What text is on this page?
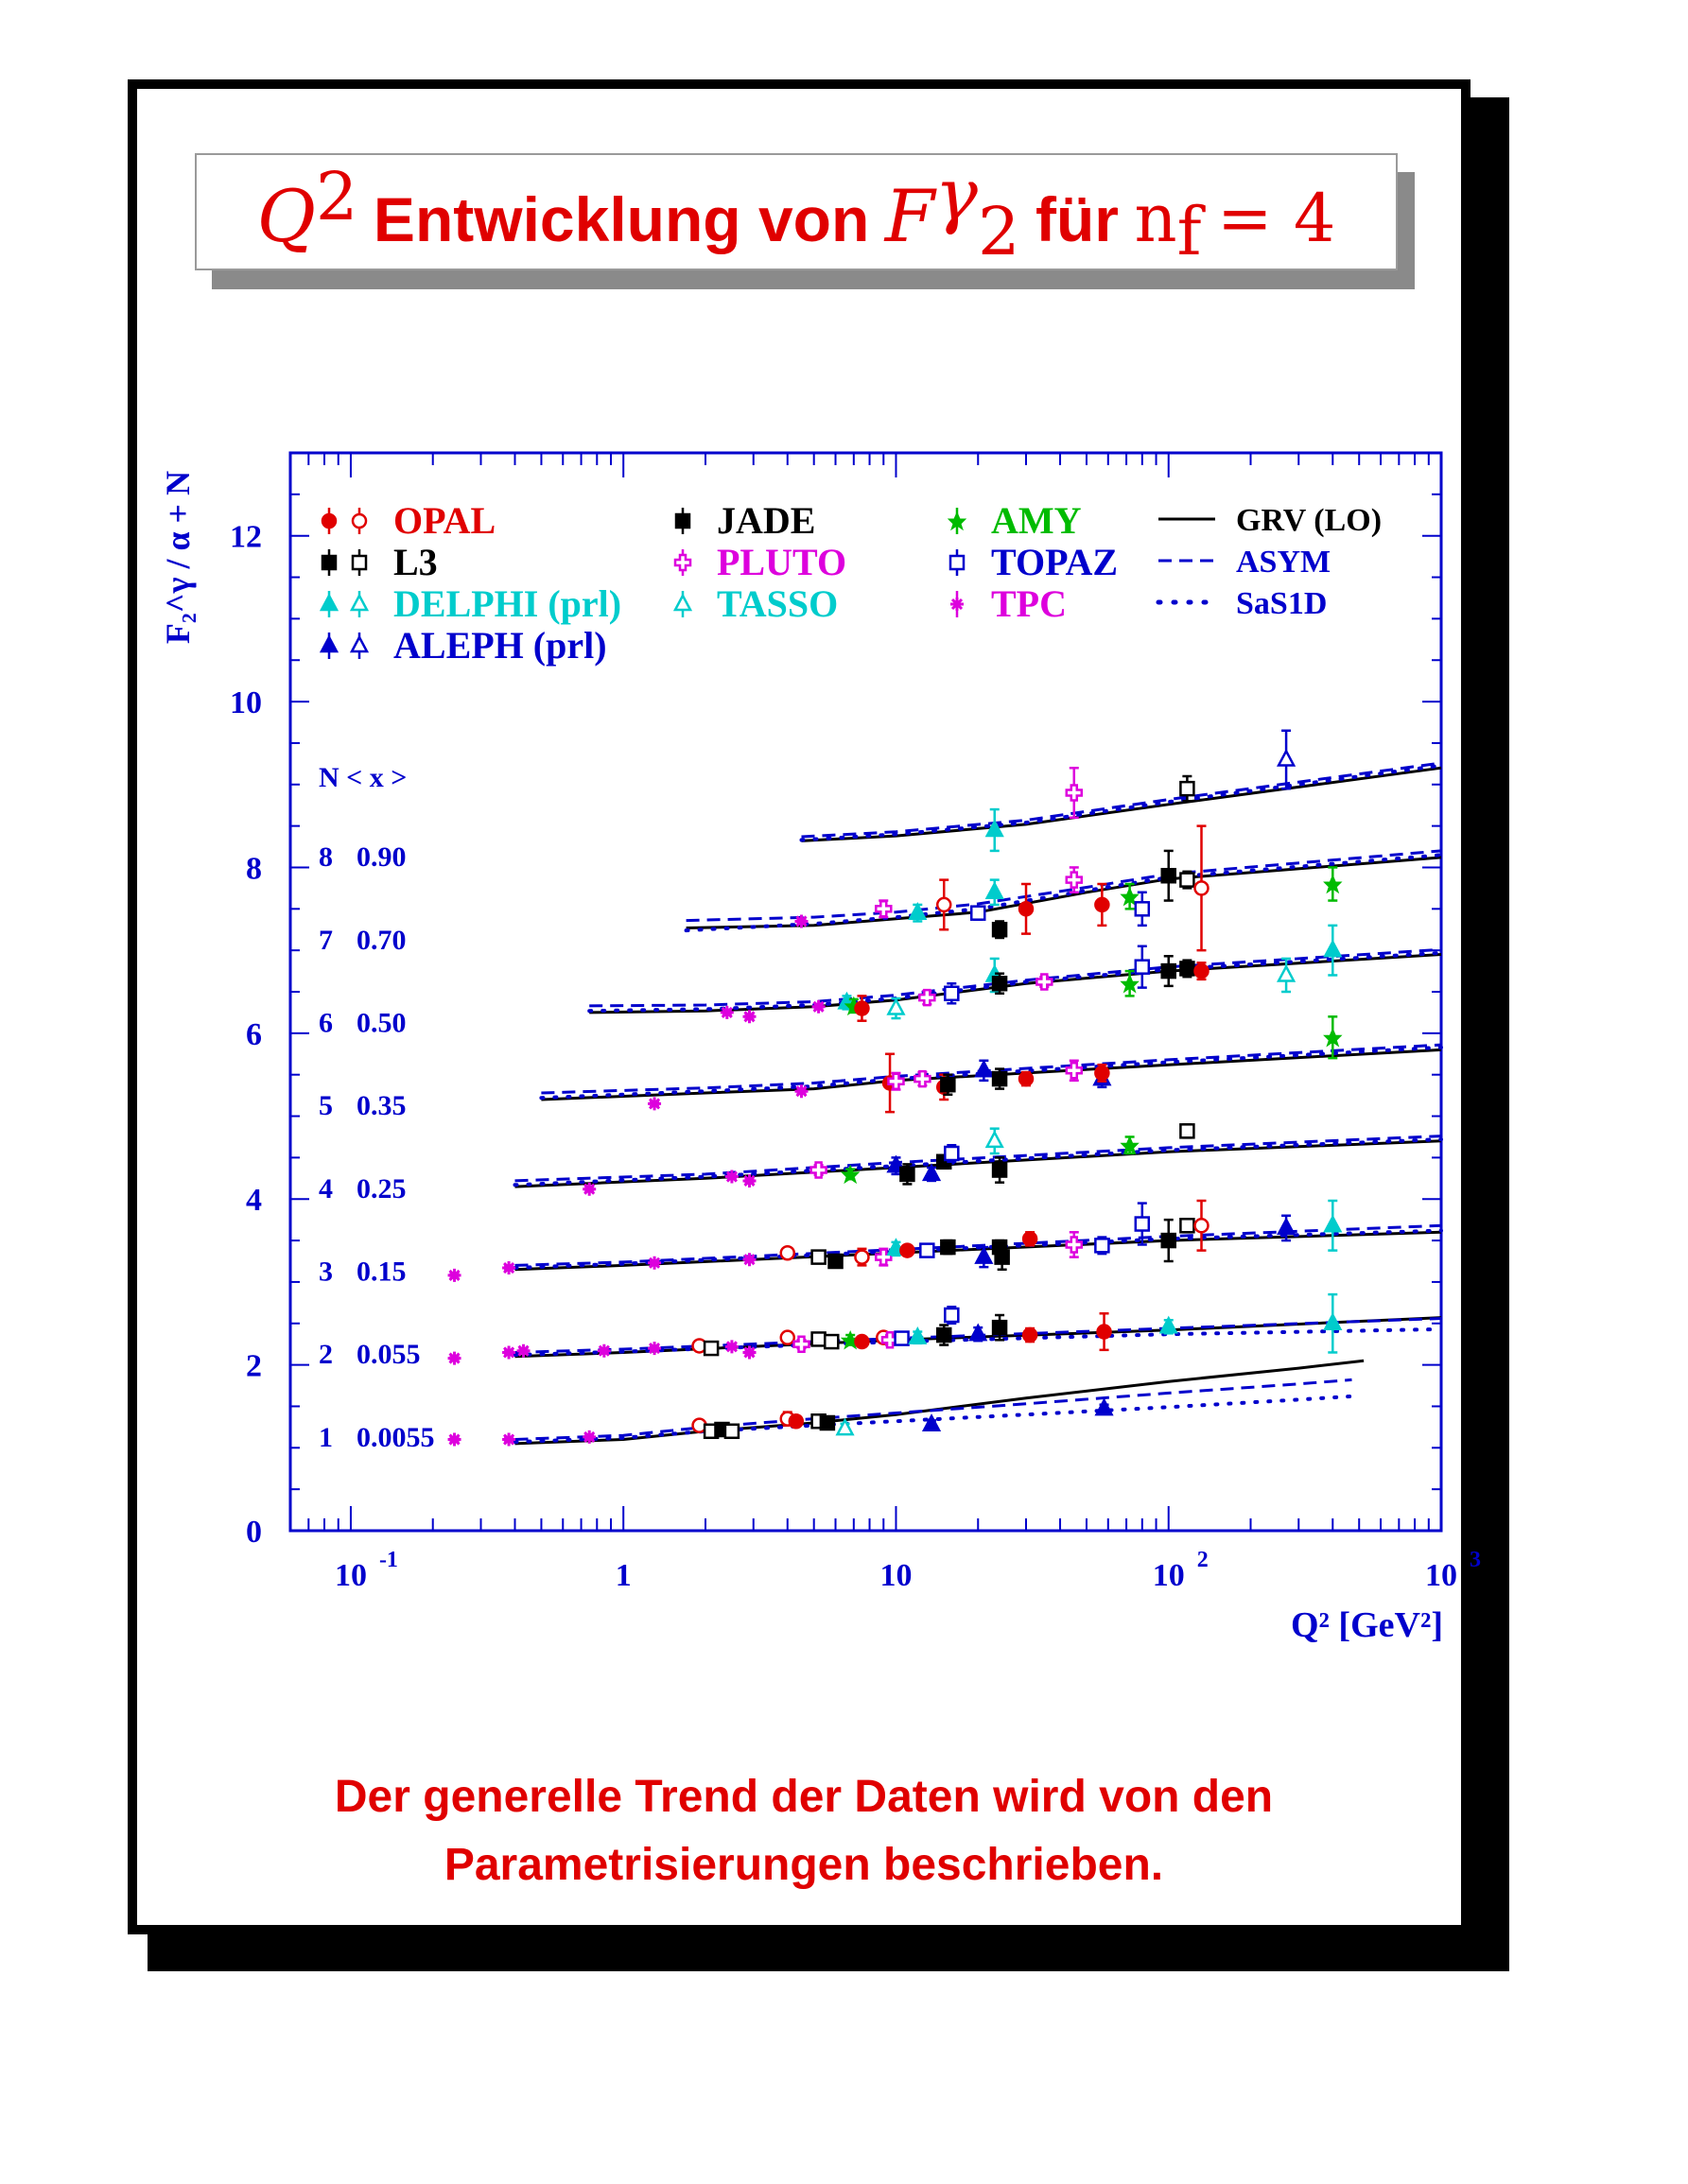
$Q^2$ Entwicklung von $F^\gamma_2$ für $n_f = 4$
0
2
4
6
8
10
12
10 -1	1	10	10 2	10 3
Q² [GeV²]
F₂^γ / α + N
N < x >
1 0.0055
2 0.055
3 0.15
4 0.25
5 0.35
6 0.50
7 0.70
8 0.90
OPAL
L3
DELPHI (prl)
ALEPH (prl)
JADE
PLUTO
TASSO
AMY
TOPAZ
TPC
GRV (LO)
ASYM
SaS1D
Der generelle Trend der Daten wird von den
Parametrisierungen beschrieben.
